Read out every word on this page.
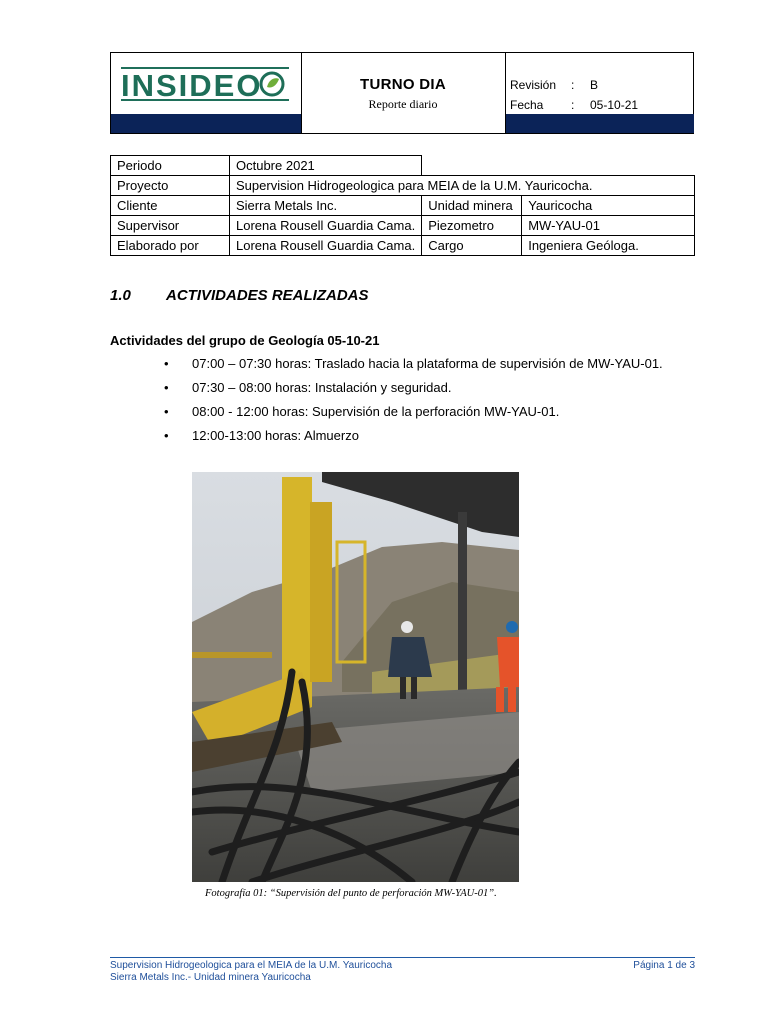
INSIDEO	TURNO DIA
Reporte diario
Revisión : B
Fecha : 05-10-21
Periodo	Octubre 2021		
Proyecto	Supervision Hidrogeologica para MEIA de la U.M. Yauricocha.		
Cliente	Sierra Metals Inc.	Unidad minera	Yauricocha
Supervisor	Lorena Rousell Guardia Cama.	Piezometro	MW-YAU-01
Elaborado por	Lorena Rousell Guardia Cama.	Cargo	Ingeniera Geóloga.
1.0 ACTIVIDADES REALIZADAS
Actividades del grupo de Geología 05-10-21
• 07:00 – 07:30 horas: Traslado hacia la plataforma de supervisión de MW-YAU-01.
• 07:30 – 08:00 horas: Instalación y seguridad.
• 08:00 - 12:00 horas: Supervisión de la perforación MW-YAU-01.
• 12:00-13:00 horas: Almuerzo
Fotografía 01: “Supervisión del punto de perforación MW-YAU-01”.
Supervision Hidrogeologica para el MEIA de la U.M. Yauricocha
Sierra Metals Inc.- Unidad minera Yauricocha
Página 1 de 3
